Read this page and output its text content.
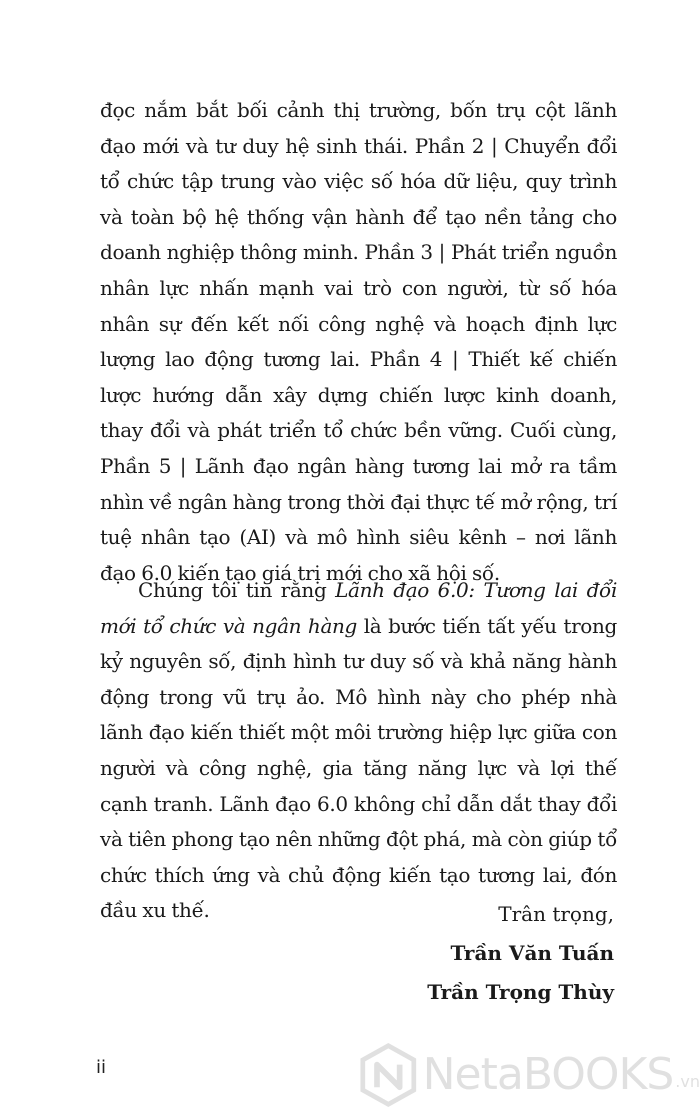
đọc nắm bắt bối cảnh thị trường, bốn trụ cột lãnh đạo mới và tư duy hệ sinh thái. Phần 2 | Chuyển đổi tổ chức tập trung vào việc số hóa dữ liệu, quy trình và toàn bộ hệ thống vận hành để tạo nền tảng cho doanh nghiệp thông minh. Phần 3 | Phát triển nguồn nhân lực nhấn mạnh vai trò con người, từ số hóa nhân sự đến kết nối công nghệ và hoạch định lực lượng lao động tương lai. Phần 4 | Thiết kế chiến lược hướng dẫn xây dựng chiến lược kinh doanh, thay đổi và phát triển tổ chức bền vững. Cuối cùng, Phần 5 | Lãnh đạo ngân hàng tương lai mở ra tầm nhìn về ngân hàng trong thời đại thực tế mở rộng, trí tuệ nhân tạo (AI) và mô hình siêu kênh – nơi lãnh đạo 6.0 kiến tạo giá trị mới cho xã hội số.
Chúng tôi tin rằng Lãnh đạo 6.0: Tương lai đổi mới tổ chức và ngân hàng là bước tiến tất yếu trong kỷ nguyên số, định hình tư duy số và khả năng hành động trong vũ trụ ảo. Mô hình này cho phép nhà lãnh đạo kiến thiết một môi trường hiệp lực giữa con người và công nghệ, gia tăng năng lực và lợi thế cạnh tranh. Lãnh đạo 6.0 không chỉ dẫn dắt thay đổi và tiên phong tạo nên những đột phá, mà còn giúp tổ chức thích ứng và chủ động kiến tạo tương lai, đón đầu xu thế.	Trân trọng,
Trần Văn Tuấn
Trần Trọng Thùy
ii	NetaBOOKS .vn
